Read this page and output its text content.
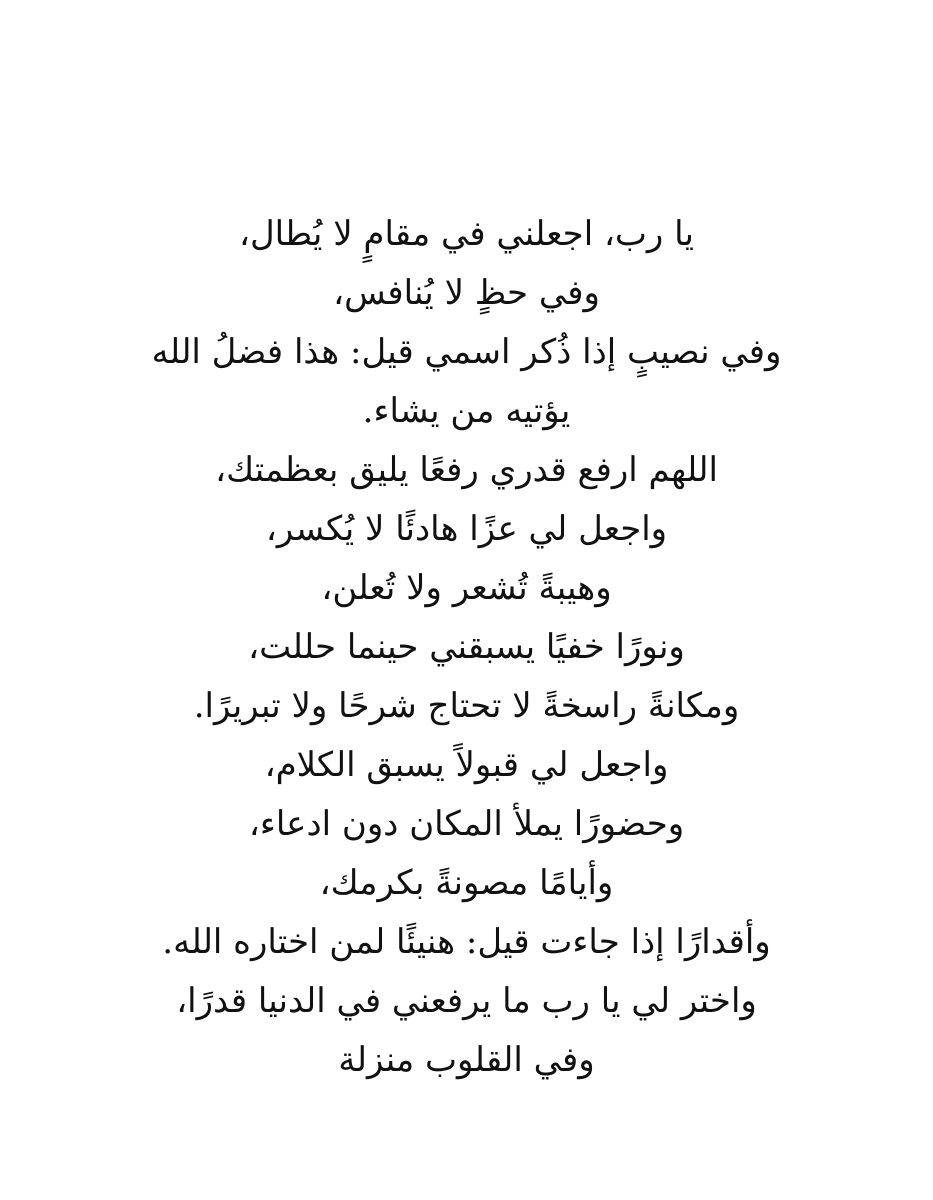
يا رب، اجعلني في مقامٍ لا يُطال،
وفي حظٍ لا يُنافس،
وفي نصيبٍ إذا ذُكر اسمي قيل: هذا فضلُ الله
يؤتيه من يشاء.
اللهم ارفع قدري رفعًا يليق بعظمتك،
واجعل لي عزًا هادئًا لا يُكسر،
وهيبةً تُشعر ولا تُعلن،
ونورًا خفيًا يسبقني حينما حللت،
ومكانةً راسخةً لا تحتاج شرحًا ولا تبريرًا.
واجعل لي قبولاً يسبق الكلام،
وحضورًا يملأ المكان دون ادعاء،
وأيامًا مصونةً بكرمك،
وأقدارًا إذا جاءت قيل: هنيئًا لمن اختاره الله.
واختر لي يا رب ما يرفعني في الدنيا قدرًا،
وفي القلوب منزلة
